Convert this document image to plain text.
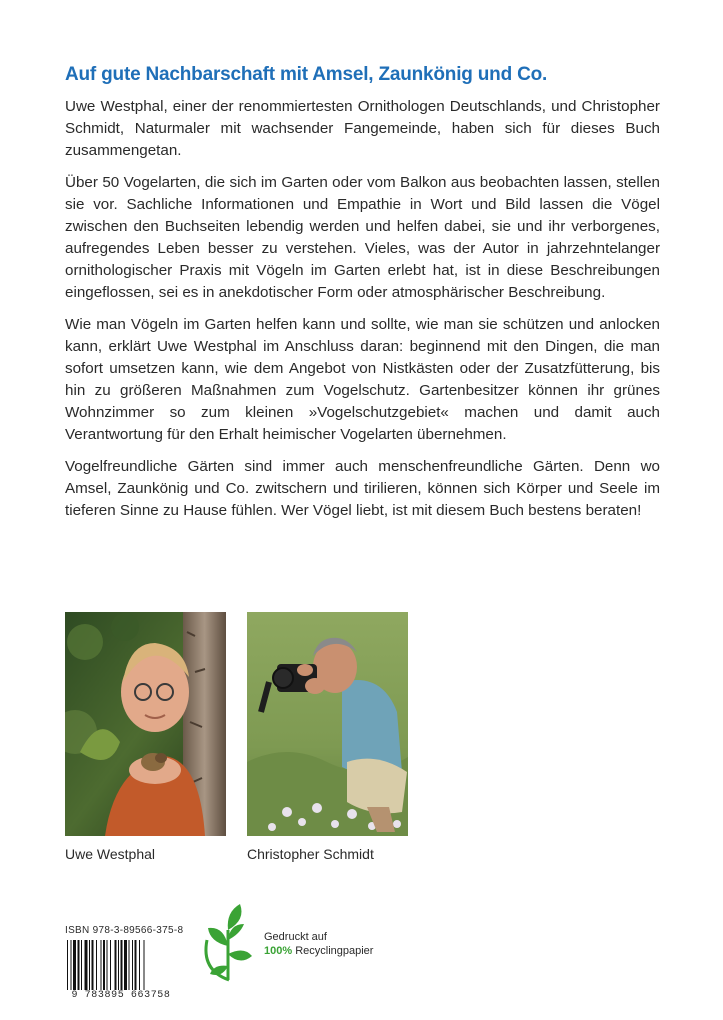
Auf gute Nachbarschaft mit Amsel, Zaunkönig und Co.

Uwe Westphal, einer der renommiertesten Ornithologen Deutschlands, und Christopher Schmidt, Naturmaler mit wachsender Fangemeinde, haben sich für dieses Buch zusammengetan.

Über 50 Vogelarten, die sich im Garten oder vom Balkon aus beobachten lassen, stellen sie vor. Sachliche Informationen und Empathie in Wort und Bild lassen die Vögel zwischen den Buchseiten lebendig werden und helfen dabei, sie und ihr verborgenes, aufregendes Leben besser zu verstehen. Vieles, was der Autor in jahrzehntelanger ornithologischer Praxis mit Vögeln im Garten erlebt hat, ist in diese Beschreibungen eingeflossen, sei es in anekdotischer Form oder atmosphärischer Beschreibung.

Wie man Vögeln im Garten helfen kann und sollte, wie man sie schützen und anlocken kann, erklärt Uwe Westphal im Anschluss daran: beginnend mit den Dingen, die man sofort umsetzen kann, wie dem Angebot von Nistkästen oder der Zusatzfütterung, bis hin zu größeren Maßnahmen zum Vogelschutz. Gartenbesitzer können ihr grünes Wohnzimmer so zum kleinen »Vogelschutzgebiet« machen und damit auch Verantwortung für den Erhalt heimischer Vogelarten übernehmen.

Vogelfreundliche Gärten sind immer auch menschenfreundliche Gärten. Denn wo Amsel, Zaunkönig und Co. zwitschern und tirilieren, können sich Körper und Seele im tieferen Sinne zu Hause fühlen. Wer Vögel liebt, ist mit diesem Buch bestens beraten!

Uwe Westphal	Christopher Schmidt
ISBN 978-3-89566-375-8
9 783895 663758
Gedruckt auf
100% Recyclingpapier
